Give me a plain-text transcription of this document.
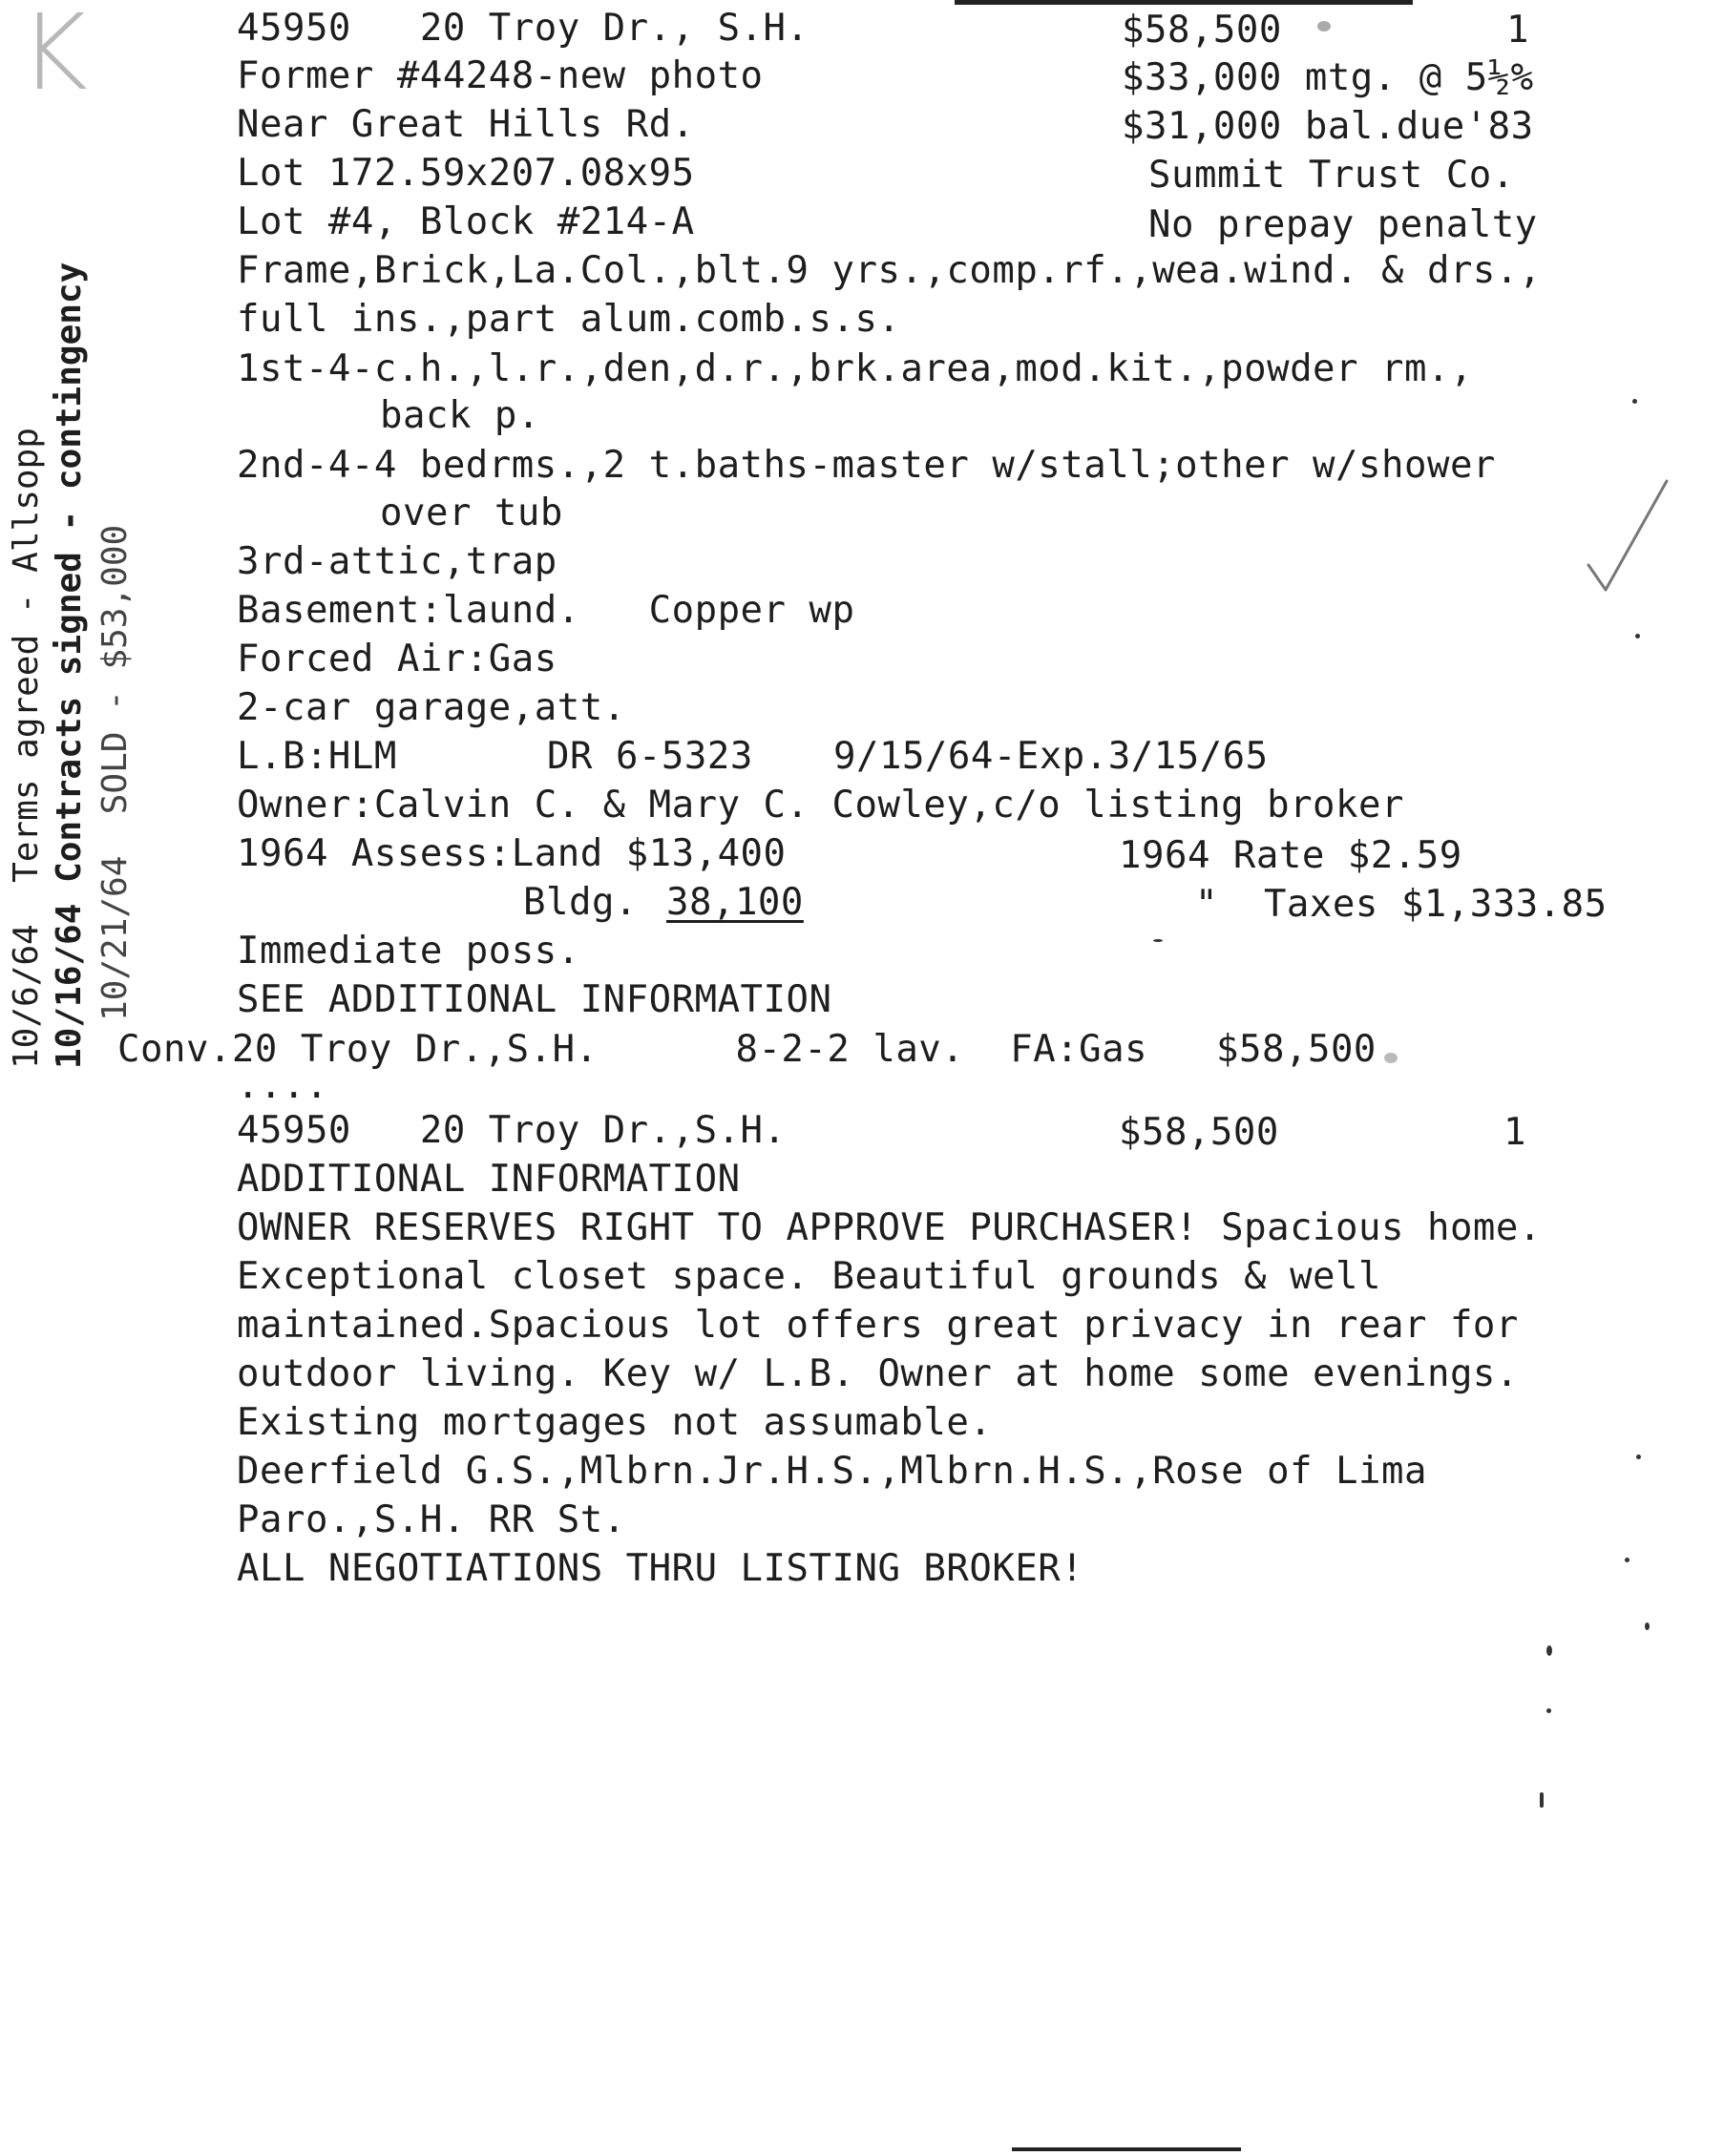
K
10/6/64  Terms agreed - Allsopp 10/16/64 Contracts signed - contingency 10/21/64  SOLD - $53,000
45950   20 Troy Dr., S.H.	$58,500	1
Former #44248-new photo	$33,000 mtg. @ 5½%
Near Great Hills Rd.	$31,000 bal.due'83
Lot 172.59x207.08x95	Summit Trust Co.
Lot #4, Block #214-A	No prepay penalty
Frame,Brick,La.Col.,blt.9 yrs.,comp.rf.,wea.wind. & drs.,
full ins.,part alum.comb.s.s.
1st-4-c.h.,l.r.,den,d.r.,brk.area,mod.kit.,powder rm.,
back p.
2nd-4-4 bedrms.,2 t.baths-master w/stall;other w/shower
over tub
3rd-attic,trap
Basement:laund.   Copper wp
Forced Air:Gas
2-car garage,att.
L.B:HLM	DR 6-5323 9/15/64-Exp.3/15/65
Owner:Calvin C. & Mary C. Cowley,c/o listing broker
1964 Assess:Land $13,400	1964 Rate $2.59
Bldg. 38,100	"  Taxes $1,333.85
Immediate poss.
SEE ADDITIONAL INFORMATION
Conv.20 Troy Dr.,S.H.      8-2-2 lav.  FA:Gas   $58,500
....
45950   20 Troy Dr.,S.H.	$58,500	1
ADDITIONAL INFORMATION
OWNER RESERVES RIGHT TO APPROVE PURCHASER! Spacious home.
Exceptional closet space. Beautiful grounds & well
maintained.Spacious lot offers great privacy in rear for
outdoor living. Key w/ L.B. Owner at home some evenings.
Existing mortgages not assumable.
Deerfield G.S.,Mlbrn.Jr.H.S.,Mlbrn.H.S.,Rose of Lima
Paro.,S.H. RR St.
ALL NEGOTIATIONS THRU LISTING BROKER!
